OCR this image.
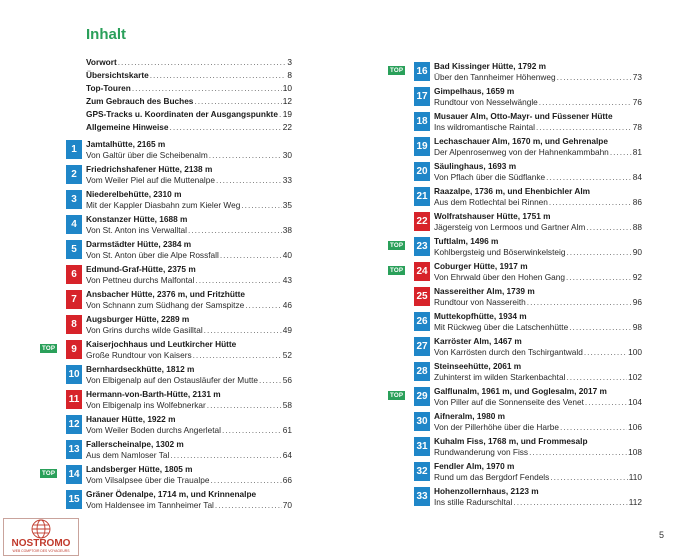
Inhalt
Vorwort .....	3
Übersichtskarte .....	8
Top-Touren .....	10
Zum Gebrauch des Buches .....	12
GPS-Tracks u. Koordinaten der Ausgangspunkte ..... 19
Allgemeine Hinweise .....	22
1	Jamtalhütte, 2165 m
Von Galtür über die Scheibenalm .....	30
2	Friedrichshafener Hütte, 2138 m
Vom Weiler Piel auf die Muttenalpe .....	33
3	Niederelbehütte, 2310 m
Mit der Kappler Diasbahn zum Kieler Weg .....	35
4	Konstanzer Hütte, 1688 m
Von St. Anton ins Verwalltal .....	38
5	Darmstädter Hütte, 2384 m
Von St. Anton über die Alpe Rossfall .....	40
6	Edmund-Graf-Hütte, 2375 m
Von Pettneu durchs Malfontal .....	43
7	Ansbacher Hütte, 2376 m, und Fritzhütte
Von Schnann zum Südhang der Samspitze .....	46
8	Augsburger Hütte, 2289 m
Von Grins durchs wilde Gasilltal .....	49
TOP	9	Kaiserjochhaus und Leutkircher Hütte
Große Rundtour von Kaisers .....	52
10 Bernhardseckhütte, 1812 m
Von Elbigenalp auf den Ostausläufer der Mutte .....	56
11 Hermann-von-Barth-Hütte, 2131 m
Von Elbigenalp ins Wolfebnerkar .....	58
12 Hanauer Hütte, 1922 m
Vom Weiler Boden durchs Angerletal .....	61
13 Fallerscheinalpe, 1302 m
Aus dem Namloser Tal .....	64
TOP 14 Landsberger Hütte, 1805 m
Vom Vilsalpsee über die Traualpe .....	66
15 Gräner Ödenalpe, 1714 m, und Krinnenalpe
Vom Haldensee im Tannheimer Tal .....	70
TOP 16 Bad Kissinger Hütte, 1792 m
Über den Tannheimer Höhenweg .....	73
17 Gimpelhaus, 1659 m
Rundtour von Nesselwängle .....	76
18 Musauer Alm, Otto-Mayr- und Füssener Hütte
Ins wildromantische Raintal .....	78
19 Lechaschauer Alm, 1670 m, und Gehrenalpe
Der Alpenrosenweg von der Hahnenkammbahn .....	81
20 Säulinghaus, 1693 m
Von Pflach über die Südflanke .....	84
21 Raazalpe, 1736 m, und Ehenbichler Alm
Aus dem Rotlechtal bei Rinnen .....	86
22 Wolfratshauser Hütte, 1751 m
Jägersteig von Lermoos und Gartner Alm .....	88
TOP 23 Tuftlalm, 1496 m
Kohlbergsteig und Böserwinkelsteig .....	90
TOP 24 Coburger Hütte, 1917 m
Von Ehrwald über den Hohen Gang .....	92
25 Nassereither Alm, 1739 m
Rundtour von Nassereith .....	96
26 Muttekopfhütte, 1934 m
Mit Rückweg über die Latschenhütte .....	98
27 Karröster Alm, 1467 m
Von Karrösten durch den Tschirgantwald .....	100
28 Steinseehütte, 2061 m
Zuhinterst im wilden Starkenbachtal .....	102
TOP 29 Galflunalm, 1961 m, und Goglesalm, 2017 m
Von Piller auf die Sonnenseite des Venet .....	104
30 Aifneralm, 1980 m
Von der Pillerhöhe über die Harbe .....	106
31 Kuhalm Fiss, 1768 m, und Frommesalp
Rundwanderung von Fiss .....	108
32 Fendler Alm, 1970 m
Rund um das Bergdorf Fendels .....	110
33 Hohenzollernhaus, 2123 m
Ins stille Radurschltal .....	112
5
NOSTROMO
WEB COMPTOIR DES VOYAGEURS
